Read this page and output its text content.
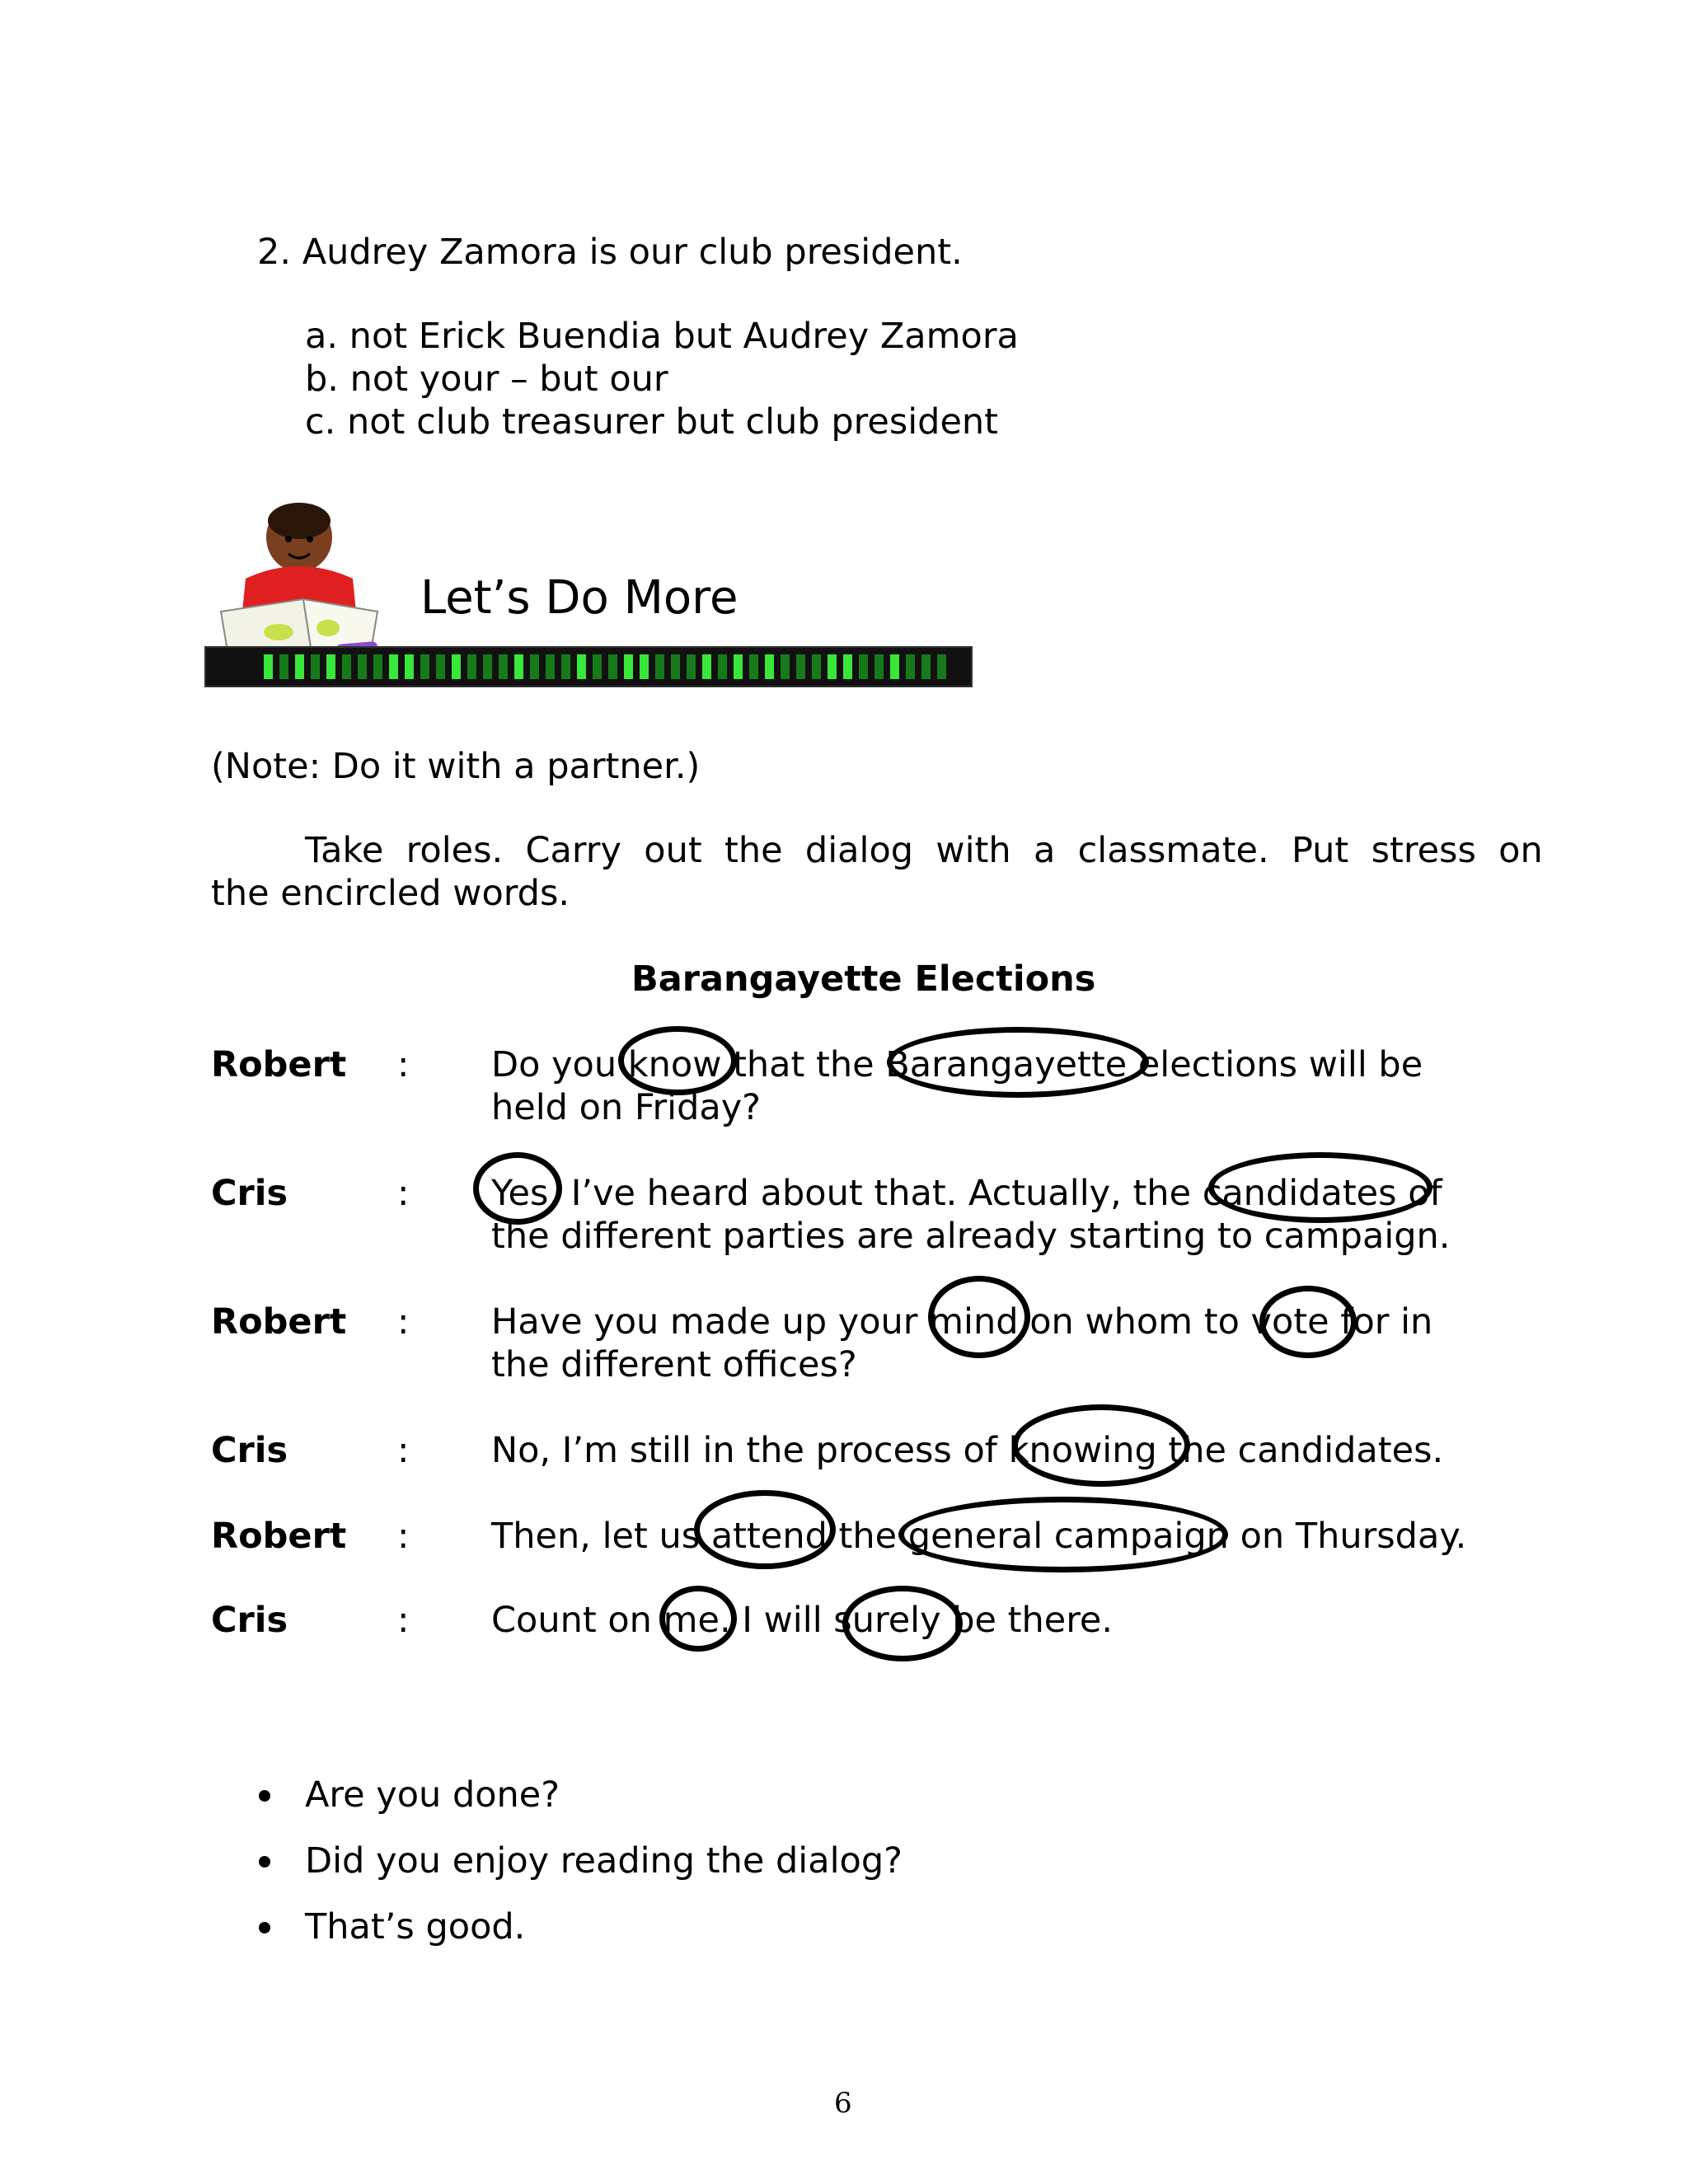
2. Audrey Zamora is our club president.
a. not Erick Buendia but Audrey Zamora
b. not your – but our
c. not club treasurer but club president
Let’s Do More
(Note: Do it with a partner.)
Take  roles.  Carry  out  the  dialog  with  a  classmate.  Put  stress  on
the encircled words.
Barangayette Elections
Robert : Do you know that the Barangayette elections will be
held on Friday?
Cris	: Yes, I’ve heard about that. Actually, the candidates of
the different parties are already starting to campaign.
Robert : Have you made up your mind on whom to vote for in
the different offices?
Cris	: No, I’m still in the process of knowing the candidates.
Robert : Then, let us attend the general campaign on Thursday.
Cris	: Count on me. I will surely be there.
Are you done?
Did you enjoy reading the dialog?
That’s good.
6
